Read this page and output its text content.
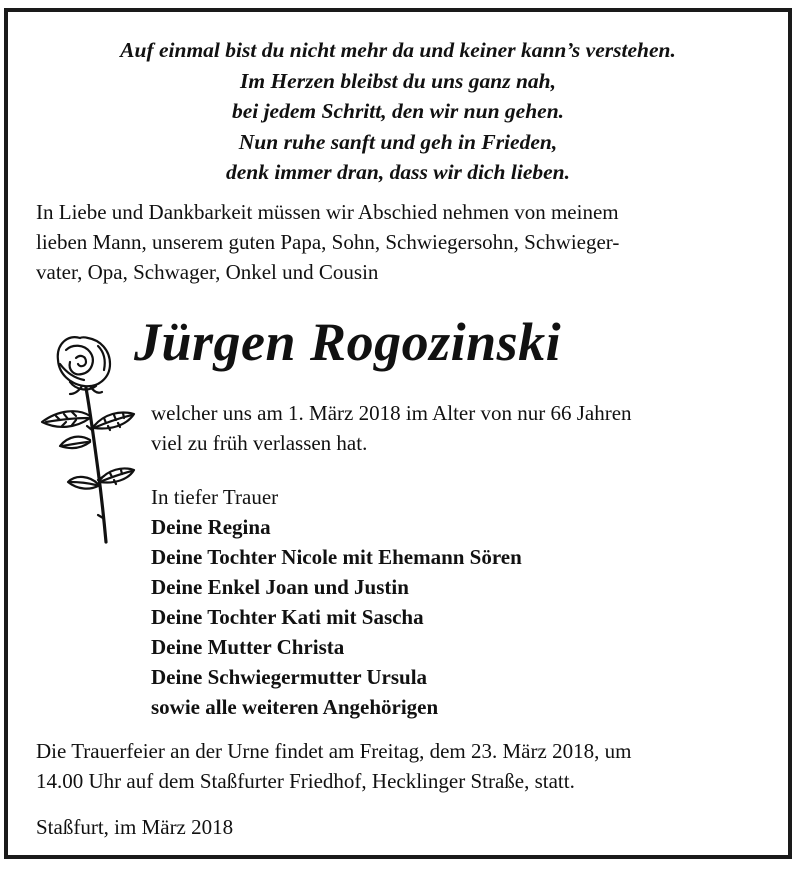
Auf einmal bist du nicht mehr da und keiner kann’s verstehen.
Im Herzen bleibst du uns ganz nah,
bei jedem Schritt, den wir nun gehen.
Nun ruhe sanft und geh in Frieden,
denk immer dran, dass wir dich lieben.
In Liebe und Dankbarkeit müssen wir Abschied nehmen von meinem
lieben Mann, unserem guten Papa, Sohn, Schwiegersohn, Schwieger-
vater, Opa, Schwager, Onkel und Cousin
Jürgen Rogozinski
welcher uns am 1. März 2018 im Alter von nur 66 Jahren
viel zu früh verlassen hat.
In tiefer Trauer
Deine Regina
Deine Tochter Nicole mit Ehemann Sören
Deine Enkel Joan und Justin
Deine Tochter Kati mit Sascha
Deine Mutter Christa
Deine Schwiegermutter Ursula
sowie alle weiteren Angehörigen
Die Trauerfeier an der Urne findet am Freitag, dem 23. März 2018, um
14.00 Uhr auf dem Staßfurter Friedhof, Hecklinger Straße, statt.
Staßfurt, im März 2018
